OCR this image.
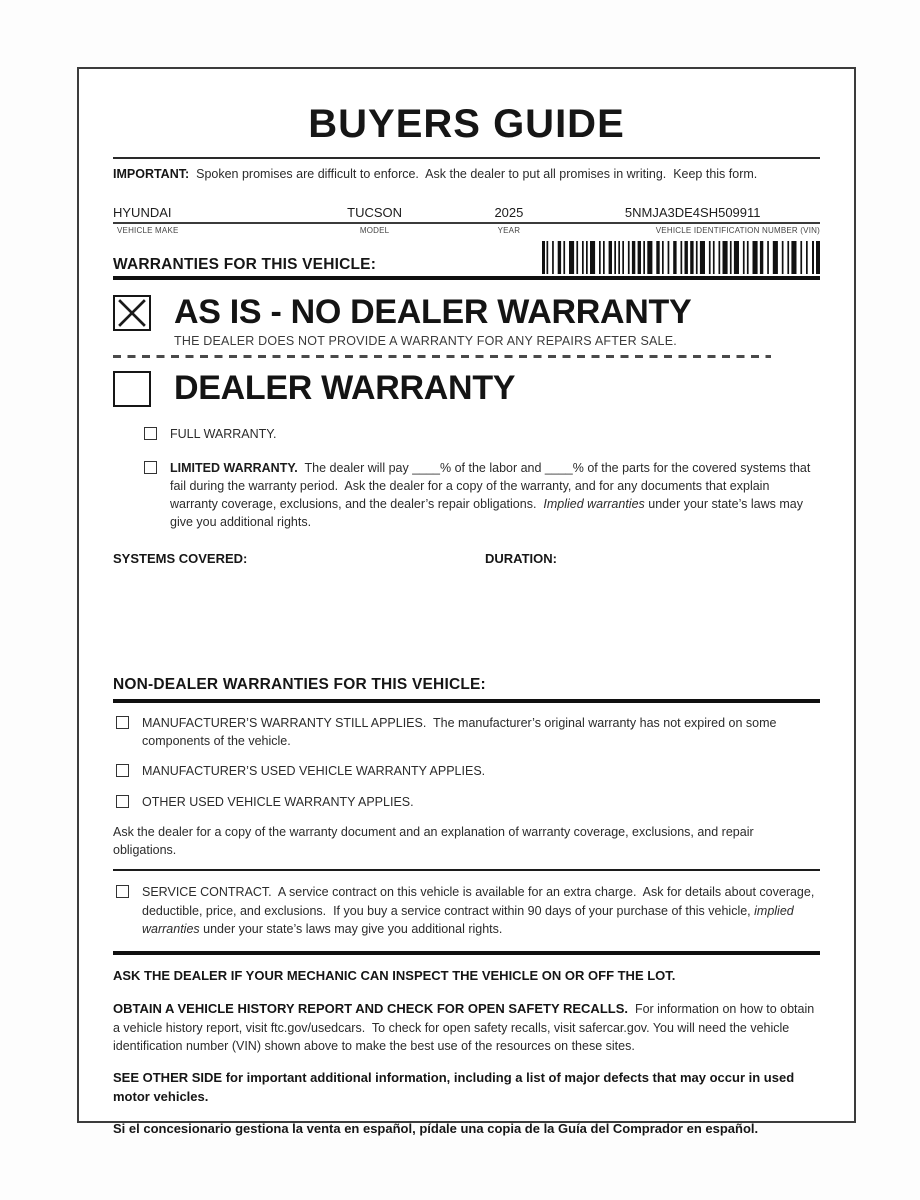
BUYERS GUIDE

IMPORTANT:  Spoken promises are difficult to enforce.  Ask the dealer to put all promises in writing.  Keep this form.

HYUNDAI	TUCSON	2025	5NMJA3DE4SH509911
VEHICLE MAKE	MODEL	YEAR	VEHICLE IDENTIFICATION NUMBER (VIN)
WARRANTIES FOR THIS VEHICLE:
AS IS - NO DEALER WARRANTY
THE DEALER DOES NOT PROVIDE A WARRANTY FOR ANY REPAIRS AFTER SALE.
DEALER WARRANTY
FULL WARRANTY.
LIMITED WARRANTY.  The dealer will pay ____% of the labor and ____% of the parts for the covered systems that fail during the warranty period.  Ask the dealer for a copy of the warranty, and for any documents that explain warranty coverage, exclusions, and the dealer’s repair obligations.  Implied warranties under your state’s laws may give you additional rights.
SYSTEMS COVERED:	DURATION:
NON-DEALER WARRANTIES FOR THIS VEHICLE:
MANUFACTURER’S WARRANTY STILL APPLIES.  The manufacturer’s original warranty has not expired on some components of the vehicle.
MANUFACTURER’S USED VEHICLE WARRANTY APPLIES.
OTHER USED VEHICLE WARRANTY APPLIES.

Ask the dealer for a copy of the warranty document and an explanation of warranty coverage, exclusions, and repair obligations.

SERVICE CONTRACT.  A service contract on this vehicle is available for an extra charge.  Ask for details about coverage, deductible, price, and exclusions.  If you buy a service contract within 90 days of your purchase of this vehicle, implied warranties under your state’s laws may give you additional rights.

ASK THE DEALER IF YOUR MECHANIC CAN INSPECT THE VEHICLE ON OR OFF THE LOT.

OBTAIN A VEHICLE HISTORY REPORT AND CHECK FOR OPEN SAFETY RECALLS.  For information on how to obtain a vehicle history report, visit ftc.gov/usedcars.  To check for open safety recalls, visit safercar.gov. You will need the vehicle identification number (VIN) shown above to make the best use of the resources on these sites.

SEE OTHER SIDE for important additional information, including a list of major defects that may occur in used motor vehicles.

Si el concesionario gestiona la venta en español, pídale una copia de la Guía del Comprador en español.
